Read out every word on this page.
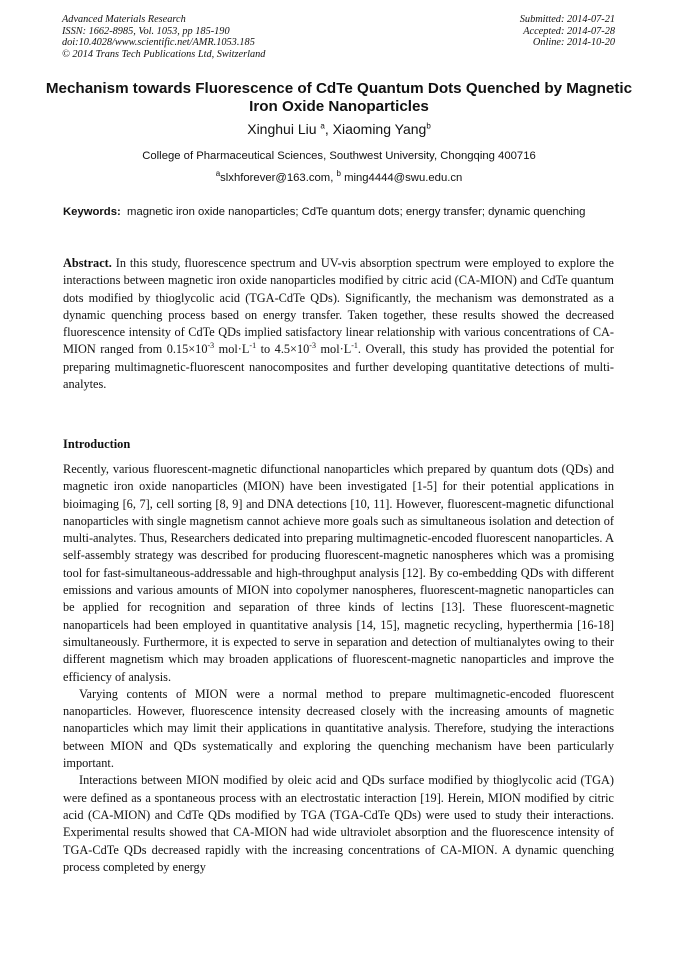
Advanced Materials Research
ISSN: 1662-8985, Vol. 1053, pp 185-190
doi:10.4028/www.scientific.net/AMR.1053.185
© 2014 Trans Tech Publications Ltd, Switzerland
Submitted: 2014-07-21
Accepted: 2014-07-28
Online: 2014-10-20
Mechanism towards Fluorescence of CdTe Quantum Dots Quenched by Magnetic Iron Oxide Nanoparticles
Xinghui Liu $^a$, Xiaoming Yang$^b$
College of Pharmaceutical Sciences, Southwest University, Chongqing 400716
$^a$slxhforever@163.com, $^b$ ming4444@swu.edu.cn

Keywords: magnetic iron oxide nanoparticles; CdTe quantum dots; energy transfer; dynamic quenching

Abstract. In this study, fluorescence spectrum and UV-vis absorption spectrum were employed to explore the interactions between magnetic iron oxide nanoparticles modified by citric acid (CA-MION) and CdTe quantum dots modified by thioglycolic acid (TGA-CdTe QDs). Significantly, the mechanism was demonstrated as a dynamic quenching process based on energy transfer. Taken together, these results showed the decreased fluorescence intensity of CdTe QDs implied satisfactory linear relationship with various concentrations of CA-MION ranged from $0.15\times 10^{-3}$ $mol\cdot L^{-1}$ to $4.5\times 10^{-3}$ $mol\cdot L^{-1}$. Overall, this study has provided the potential for preparing multimagnetic-fluorescent nanocomposites and further developing quantitative detections of multi-analytes.

Introduction

Recently, various fluorescent-magnetic difunctional nanoparticles which prepared by quantum dots (QDs) and magnetic iron oxide nanoparticles (MION) have been investigated [1-5] for their potential applications in bioimaging [6, 7], cell sorting [8, 9] and DNA detections [10, 11]. However, fluorescent-magnetic difunctional nanoparticles with single magnetism cannot achieve more goals such as simultaneous isolation and detection of multi-analytes. Thus, Researchers dedicated into preparing multimagnetic-encoded fluorescent nanoparticles. A self-assembly strategy was described for producing fluorescent-magnetic nanospheres which was a promising tool for fast-simultaneous-addressable and high-throughput analysis [12]. By co-embedding QDs with different emissions and various amounts of MION into copolymer nanospheres, fluorescent-magnetic nanoparticles can be applied for recognition and separation of three kinds of lectins [13]. These fluorescent-magnetic nanoparticels had been employed in quantitative analysis [14, 15], magnetic recycling, hyperthermia [16-18] simultaneously. Furthermore, it is expected to serve in separation and detection of multianalytes owing to their different magnetism which may broaden applications of fluorescent-magnetic nanoparticles and improve the efficiency of analysis.

Varying contents of MION were a normal method to prepare multimagnetic-encoded fluorescent nanoparticles. However, fluorescence intensity decreased closely with the increasing amounts of magnetic nanoparticles which may limit their applications in quantitative analysis. Therefore, studying the interactions between MION and QDs systematically and exploring the quenching mechanism have been particularly important.

Interactions between MION modified by oleic acid and QDs surface modified by thioglycolic acid (TGA) were defined as a spontaneous process with an electrostatic interaction [19]. Herein, MION modified by citric acid (CA-MION) and CdTe QDs modified by TGA (TGA-CdTe QDs) were used to study their interactions. Experimental results showed that CA-MION had wide ultraviolet absorption and the fluorescence intensity of TGA-CdTe QDs decreased rapidly with the increasing concentrations of CA-MION. A dynamic quenching process completed by energy
